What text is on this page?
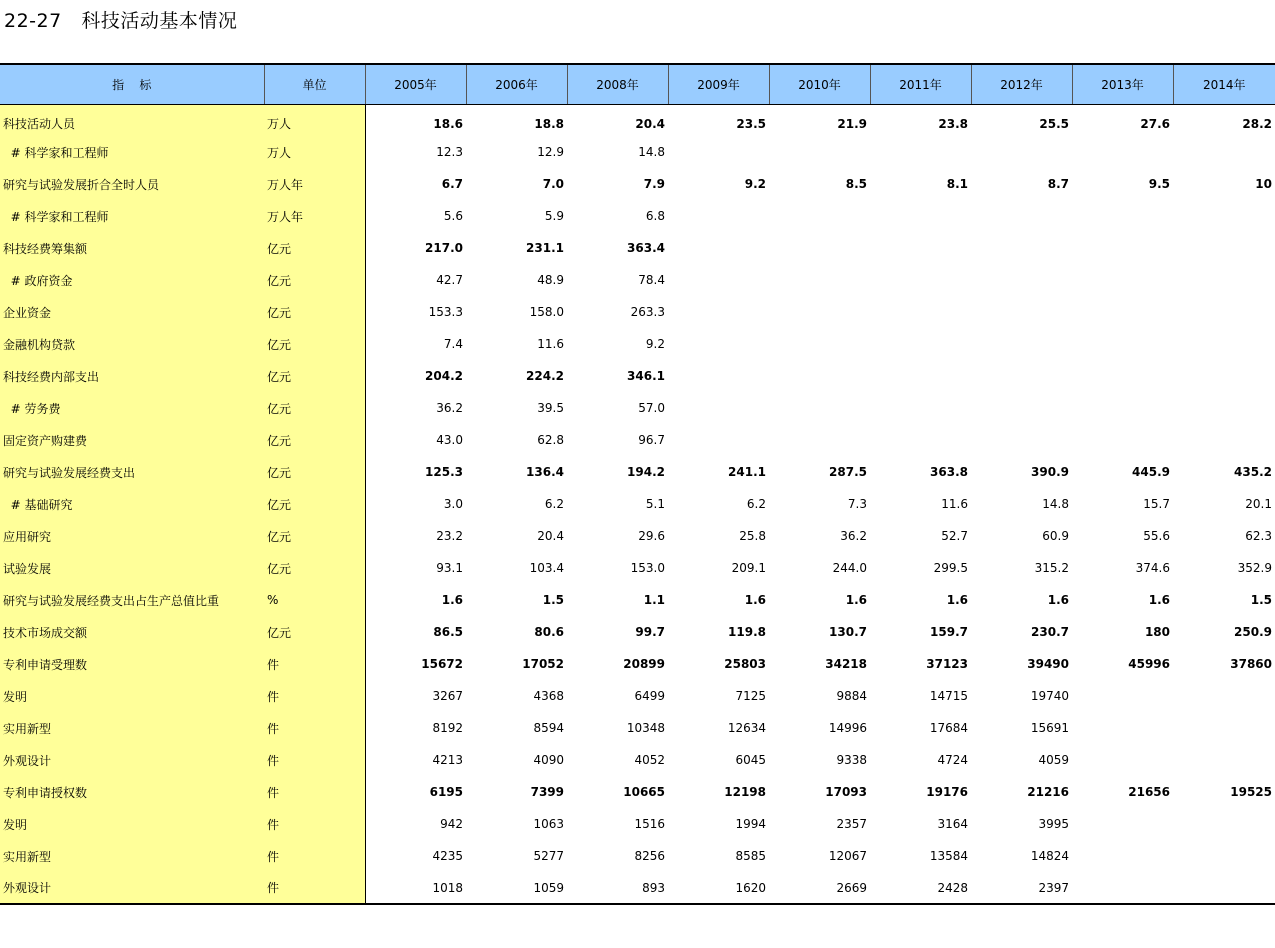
22-27   科技活动基本情况
指    标	单位	2005年	2006年	2008年	2009年	2010年	2011年	2012年	2013年	2014年
科技活动人员	万人	18.6	18.8	20.4	23.5	21.9	23.8	25.5	27.6	28.2
# 科学家和工程师	万人	12.3	12.9	14.8						
研究与试验发展折合全时人员	万人年	6.7	7.0	7.9	9.2	8.5	8.1	8.7	9.5	10
# 科学家和工程师	万人年	5.6	5.9	6.8						
科技经费筹集额	亿元	217.0	231.1	363.4						
# 政府资金	亿元	42.7	48.9	78.4						
企业资金	亿元	153.3	158.0	263.3						
金融机构贷款	亿元	7.4	11.6	9.2						
科技经费内部支出	亿元	204.2	224.2	346.1						
# 劳务费	亿元	36.2	39.5	57.0						
固定资产购建费	亿元	43.0	62.8	96.7						
研究与试验发展经费支出	亿元	125.3	136.4	194.2	241.1	287.5	363.8	390.9	445.9	435.2
# 基础研究	亿元	3.0	6.2	5.1	6.2	7.3	11.6	14.8	15.7	20.1
应用研究	亿元	23.2	20.4	29.6	25.8	36.2	52.7	60.9	55.6	62.3
试验发展	亿元	93.1	103.4	153.0	209.1	244.0	299.5	315.2	374.6	352.9
研究与试验发展经费支出占生产总值比重	%	1.6	1.5	1.1	1.6	1.6	1.6	1.6	1.6	1.5
技术市场成交额	亿元	86.5	80.6	99.7	119.8	130.7	159.7	230.7	180	250.9
专利申请受理数	件	15672	17052	20899	25803	34218	37123	39490	45996	37860
发明	件	3267	4368	6499	7125	9884	14715	19740		
实用新型	件	8192	8594	10348	12634	14996	17684	15691		
外观设计	件	4213	4090	4052	6045	9338	4724	4059		
专利申请授权数	件	6195	7399	10665	12198	17093	19176	21216	21656	19525
发明	件	942	1063	1516	1994	2357	3164	3995		
实用新型	件	4235	5277	8256	8585	12067	13584	14824		
外观设计	件	1018	1059	893	1620	2669	2428	2397		
